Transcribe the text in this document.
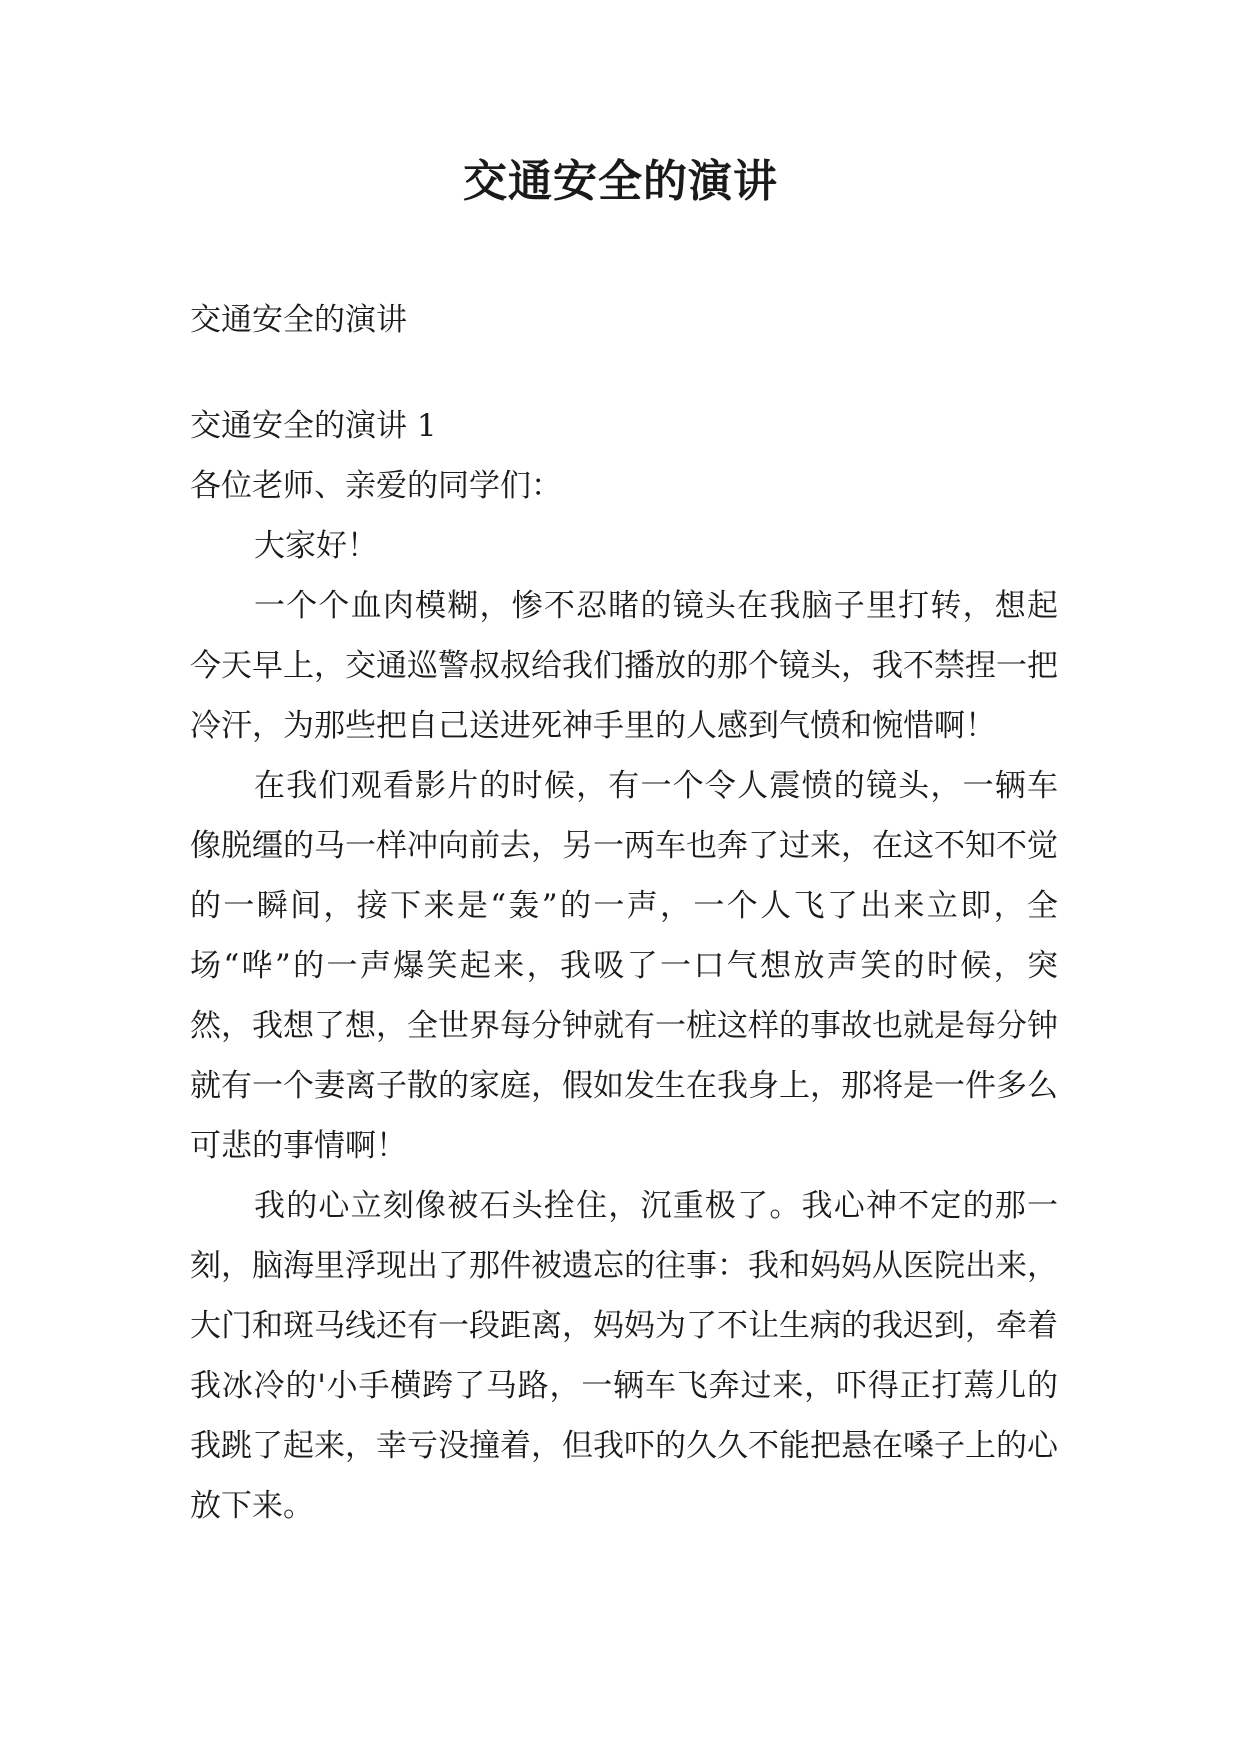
交通安全的演讲

交通安全的演讲

交通安全的演讲 1

各位老师、亲爱的同学们：

大家好！

一个个血肉模糊，惨不忍睹的镜头在我脑子里打转，想起今天早上，交通巡警叔叔给我们播放的那个镜头，我不禁捏一把冷汗，为那些把自己送进死神手里的人感到气愤和惋惜啊！

在我们观看影片的时候，有一个令人震愤的镜头，一辆车像脱缰的马一样冲向前去，另一两车也奔了过来，在这不知不觉的一瞬间，接下来是“轰”的一声，一个人飞了出来立即，全场“哗”的一声爆笑起来，我吸了一口气想放声笑的时候，突然，我想了想，全世界每分钟就有一桩这样的事故也就是每分钟就有一个妻离子散的家庭，假如发生在我身上，那将是一件多么可悲的事情啊！

我的心立刻像被石头拴住，沉重极了。我心神不定的那一刻，脑海里浮现出了那件被遗忘的往事：我和妈妈从医院出来，大门和斑马线还有一段距离，妈妈为了不让生病的我迟到，牵着我冰冷的'小手横跨了马路，一辆车飞奔过来，吓得正打蔫儿的我跳了起来，幸亏没撞着，但我吓的久久不能把悬在嗓子上的心放下来。
